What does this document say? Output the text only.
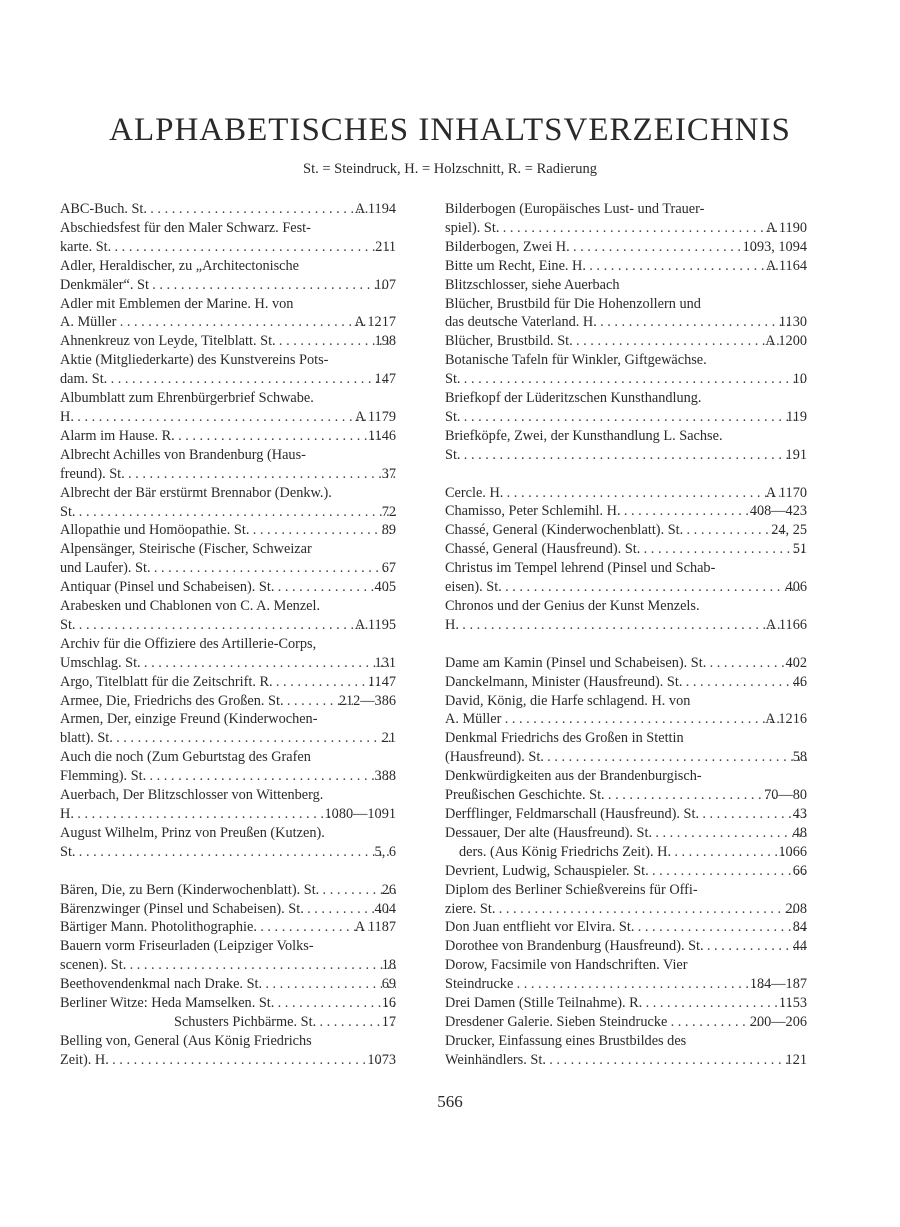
ALPHABETISCHES INHALTSVERZEICHNIS
St. = Steindruck, H. = Holzschnitt, R. = Radierung
ABC-Buch. St. . . .	A 1194
Abschiedsfest für den Maler Schwarz. Fest-
karte. St. . . .	211
Adler, Heraldischer, zu „Architectonische
Denkmäler“. St . . .	107
Adler mit Emblemen der Marine. H. von
A. Müller . . .	A 1217
Ahnenkreuz von Leyde, Titelblatt. St. . . .	198
Aktie (Mitgliederkarte) des Kunstvereins Pots-
dam. St. . . .	147
Albumblatt zum Ehrenbürgerbrief Schwabe.
H. . . .	A 1179
Alarm im Hause. R. . . .	1146
Albrecht Achilles von Brandenburg (Haus-
freund). St. . . .	37
Albrecht der Bär erstürmt Brennabor (Denkw.).
St. . . .	72
Allopathie und Homöopathie. St. . . .	89
Alpensänger, Steirische (Fischer, Schweizar
und Laufer). St. . . .	67
Antiquar (Pinsel und Schabeisen). St. . . .	405
Arabesken und Chablonen von C. A. Menzel.
St. . . .	A 1195
Archiv für die Offiziere des Artillerie-Corps,
Umschlag. St. . . .	131
Argo, Titelblatt für die Zeitschrift. R. . . .	1147
Armee, Die, Friedrichs des Großen. St. . . .	212—386
Armen, Der, einzige Freund (Kinderwochen-
blatt). St. . . .	21
Auch die noch (Zum Geburtstag des Grafen
Flemming). St. . . .	388
Auerbach, Der Blitzschlosser von Wittenberg.
H. . . .	1080—1091
August Wilhelm, Prinz von Preußen (Kutzen).
St. . . .	5, 6
Bären, Die, zu Bern (Kinderwochenblatt). St. . . .	26
Bärenzwinger (Pinsel und Schabeisen). St. . . .	404
Bärtiger Mann. Photolithographie. . . .	A 1187
Bauern vorm Friseurladen (Leipziger Volks-
scenen). St. . . .	18
Beethovendenkmal nach Drake. St. . . .	69
Berliner Witze: Heda Mamselken. St. . . .	16
Schusters Pichbärme. St. . . .	17
Belling von, General (Aus König Friedrichs
Zeit). H. . . .	1073
Bilderbogen (Europäisches Lust- und Trauer-
spiel). St. . . .	A 1190
Bilderbogen, Zwei H. . . .	1093, 1094
Bitte um Recht, Eine. H. . . .	A 1164
Blitzschlosser, siehe Auerbach
Blücher, Brustbild für Die Hohenzollern und
das deutsche Vaterland. H. . . .	1130
Blücher, Brustbild. St. . . .	A 1200
Botanische Tafeln für Winkler, Giftgewächse.
St. . . .	10
Briefkopf der Lüderitzschen Kunsthandlung.
St. . . .	119
Briefköpfe, Zwei, der Kunsthandlung L. Sachse.
St. . . .	191
Cercle. H. . . .	A 1170
Chamisso, Peter Schlemihl. H. . . .	408—423
Chassé, General (Kinderwochenblatt). St. . . .	24, 25
Chassé, General (Hausfreund). St. . . .	51
Christus im Tempel lehrend (Pinsel und Schab-
eisen). St. . . .	406
Chronos und der Genius der Kunst Menzels.
H. . . .	A 1166
Dame am Kamin (Pinsel und Schabeisen). St. . . .	402
Danckelmann, Minister (Hausfreund). St. . . .	46
David, König, die Harfe schlagend. H. von
A. Müller . . .	A 1216
Denkmal Friedrichs des Großen in Stettin
(Hausfreund). St. . . .	58
Denkwürdigkeiten aus der Brandenburgisch-
Preußischen Geschichte. St. . . .	70—80
Derfflinger, Feldmarschall (Hausfreund). St. . . .	43
Dessauer, Der alte (Hausfreund). St. . . .	48
ders. (Aus König Friedrichs Zeit). H. . . .	1066
Devrient, Ludwig, Schauspieler. St. . . .	66
Diplom des Berliner Schießvereins für Offi-
ziere. St. . . .	208
Don Juan entflieht vor Elvira. St. . . .	84
Dorothee von Brandenburg (Hausfreund). St. . . .	44
Dorow, Facsimile von Handschriften. Vier
Steindrucke . . .	184—187
Drei Damen (Stille Teilnahme). R. . . .	1153
Dresdener Galerie. Sieben Steindrucke . . .	200—206
Drucker, Einfassung eines Brustbildes des
Weinhändlers. St. . . .	121
566
